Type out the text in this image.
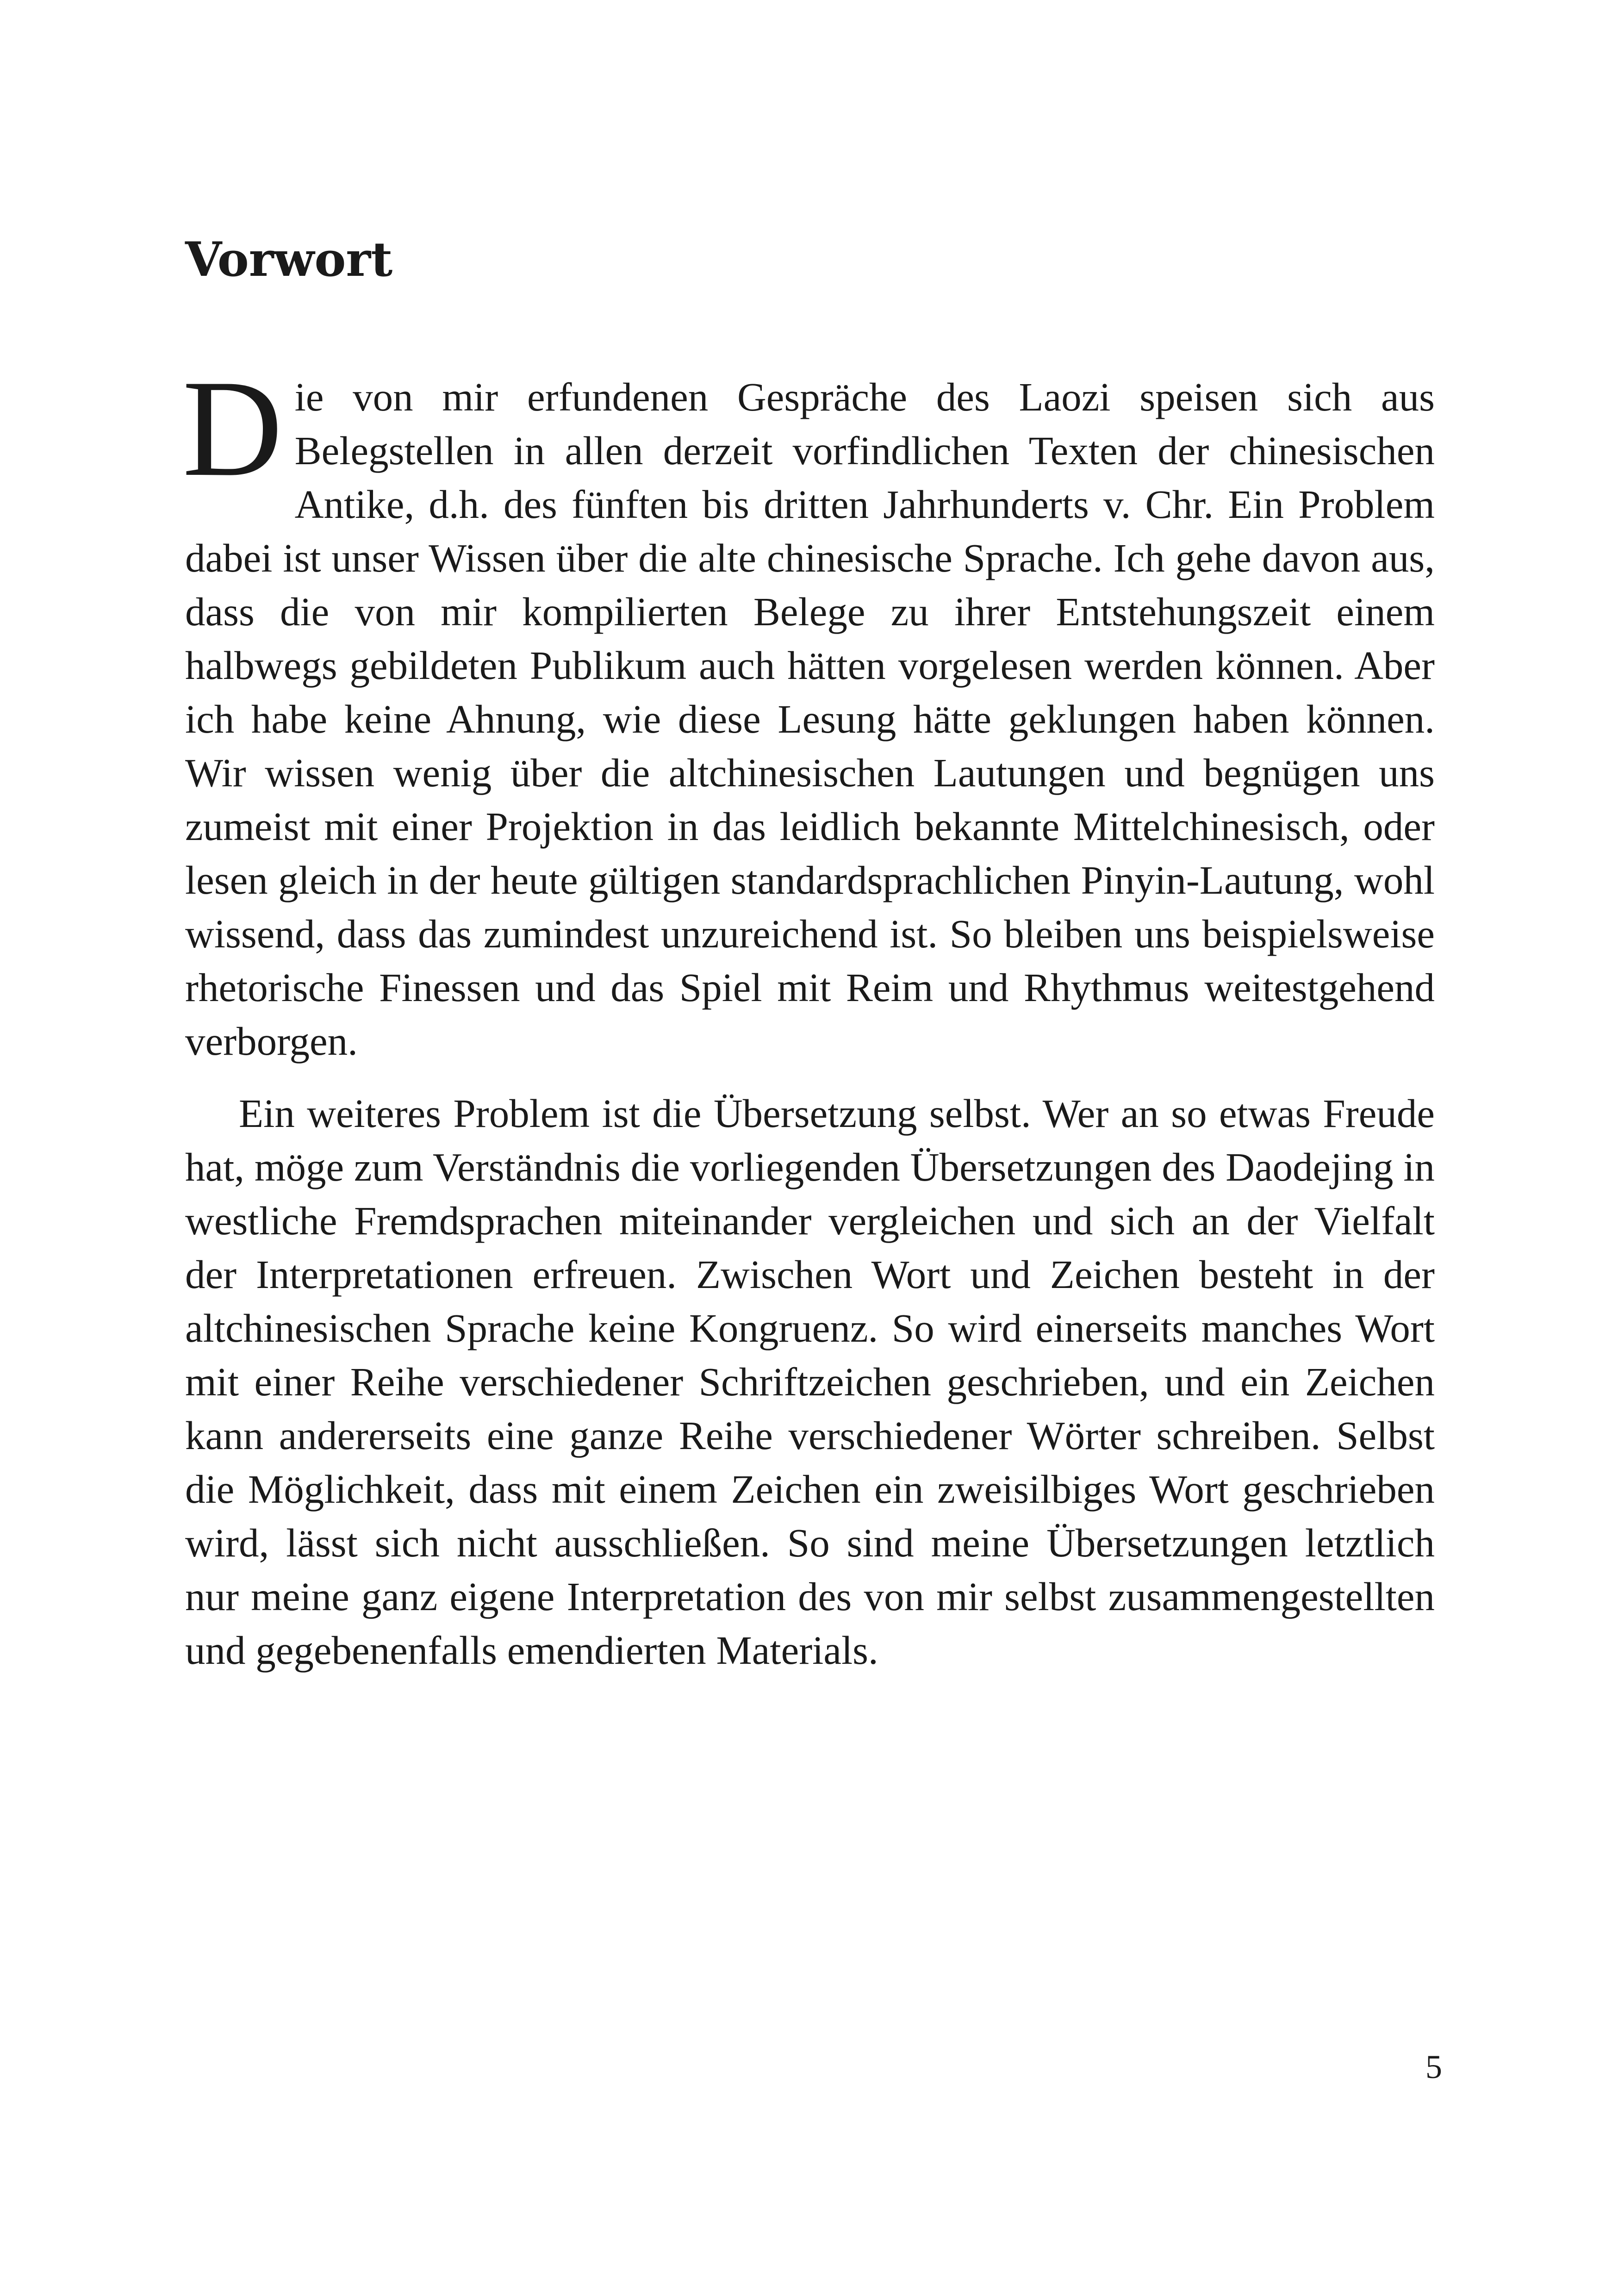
Vorwort

Die von mir erfundenen Gespräche des Laozi speisen sich aus Belegstellen in allen derzeit vorfindlichen Texten der chinesischen Antike, d.h. des fünften bis dritten Jahrhunderts v. Chr. Ein Problem dabei ist unser Wissen über die alte chinesische Sprache. Ich gehe davon aus, dass die von mir kompilierten Belege zu ihrer Entstehungszeit einem halbwegs gebildeten Publikum auch hätten vorgelesen werden können. Aber ich habe keine Ahnung, wie diese Lesung hätte geklungen haben können. Wir wissen wenig über die altchinesischen Lautungen und begnügen uns zumeist mit einer Projektion in das leidlich bekannte Mittelchinesisch, oder lesen gleich in der heute gültigen standardsprachlichen Pinyin-Lautung, wohl wissend, dass das zumindest unzureichend ist. So bleiben uns beispielsweise rhetorische Finessen und das Spiel mit Reim und Rhythmus weitestgehend verborgen.

Ein weiteres Problem ist die Übersetzung selbst. Wer an so etwas Freude hat, möge zum Verständnis die vorliegenden Übersetzungen des Daodejing in westliche Fremdsprachen miteinander vergleichen und sich an der Vielfalt der Interpretationen erfreuen. Zwischen Wort und Zeichen besteht in der altchinesischen Sprache keine Kongruenz. So wird einerseits manches Wort mit einer Reihe verschiedener Schriftzeichen geschrieben, und ein Zeichen kann andererseits eine ganze Reihe verschiedener Wörter schreiben. Selbst die Möglichkeit, dass mit einem Zeichen ein zweisilbiges Wort geschrieben wird, lässt sich nicht ausschließen. So sind meine Übersetzungen letztlich nur meine ganz eigene Interpretation des von mir selbst zusammengestellten und gegebenenfalls emendierten Materials.

5
